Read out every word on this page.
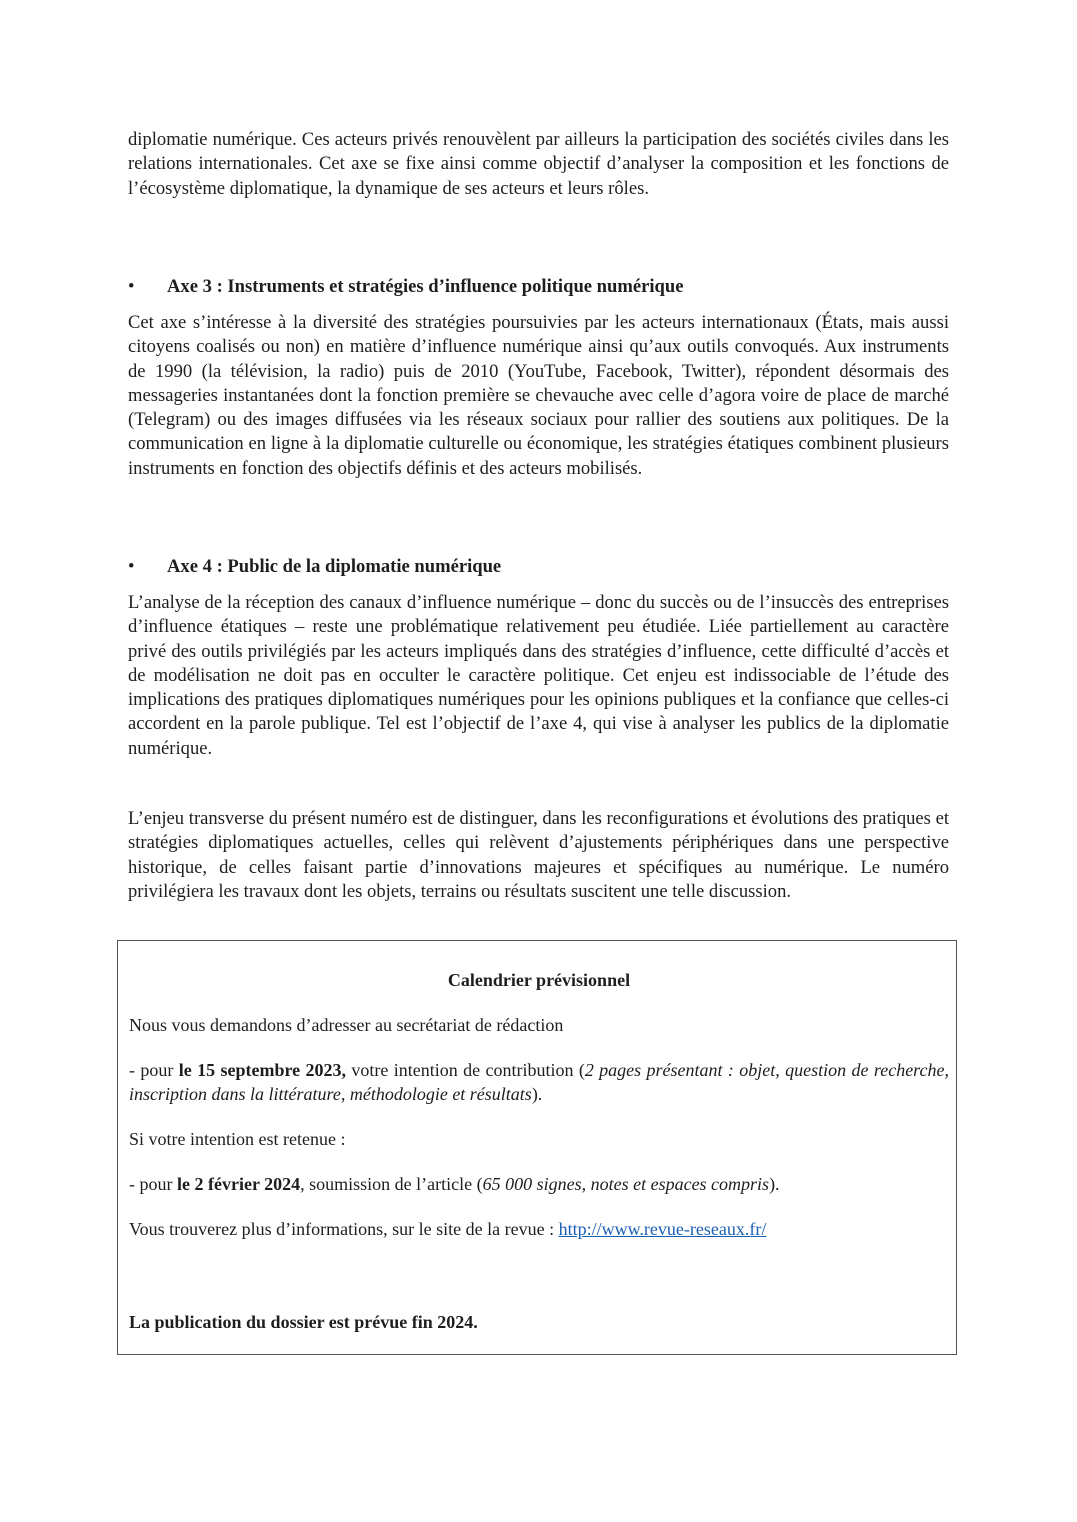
diplomatie numérique. Ces acteurs privés renouvèlent par ailleurs la participation des sociétés civiles dans les relations internationales. Cet axe se fixe ainsi comme objectif d’analyser la composition et les fonctions de l’écosystème diplomatique, la dynamique de ses acteurs et leurs rôles.

• Axe 3 : Instruments et stratégies d’influence politique numérique

Cet axe s’intéresse à la diversité des stratégies poursuivies par les acteurs internationaux (États, mais aussi citoyens coalisés ou non) en matière d’influence numérique ainsi qu’aux outils convoqués. Aux instruments de 1990 (la télévision, la radio) puis de 2010 (YouTube, Facebook, Twitter), répondent désormais des messageries instantanées dont la fonction première se chevauche avec celle d’agora voire de place de marché (Telegram) ou des images diffusées via les réseaux sociaux pour rallier des soutiens aux politiques. De la communication en ligne à la diplomatie culturelle ou économique, les stratégies étatiques combinent plusieurs instruments en fonction des objectifs définis et des acteurs mobilisés.

• Axe 4 : Public de la diplomatie numérique

L’analyse de la réception des canaux d’influence numérique – donc du succès ou de l’insuccès des entreprises d’influence étatiques – reste une problématique relativement peu étudiée. Liée partiellement au caractère privé des outils privilégiés par les acteurs impliqués dans des stratégies d’influence, cette difficulté d’accès et de modélisation ne doit pas en occulter le caractère politique. Cet enjeu est indissociable de l’étude des implications des pratiques diplomatiques numériques pour les opinions publiques et la confiance que celles-ci accordent en la parole publique. Tel est l’objectif de l’axe 4, qui vise à analyser les publics de la diplomatie numérique.

L’enjeu transverse du présent numéro est de distinguer, dans les reconfigurations et évolutions des pratiques et stratégies diplomatiques actuelles, celles qui relèvent d’ajustements périphériques dans une perspective historique, de celles faisant partie d’innovations majeures et spécifiques au numérique. Le numéro privilégiera les travaux dont les objets, terrains ou résultats suscitent une telle discussion.

Calendrier prévisionnel

Nous vous demandons d’adresser au secrétariat de rédaction

- pour le 15 septembre 2023, votre intention de contribution (2 pages présentant : objet, question de recherche, inscription dans la littérature, méthodologie et résultats).

Si votre intention est retenue :

- pour le 2 février 2024, soumission de l’article (65 000 signes, notes et espaces compris).

Vous trouverez plus d’informations, sur le site de la revue : http://www.revue-reseaux.fr/

La publication du dossier est prévue fin 2024.
